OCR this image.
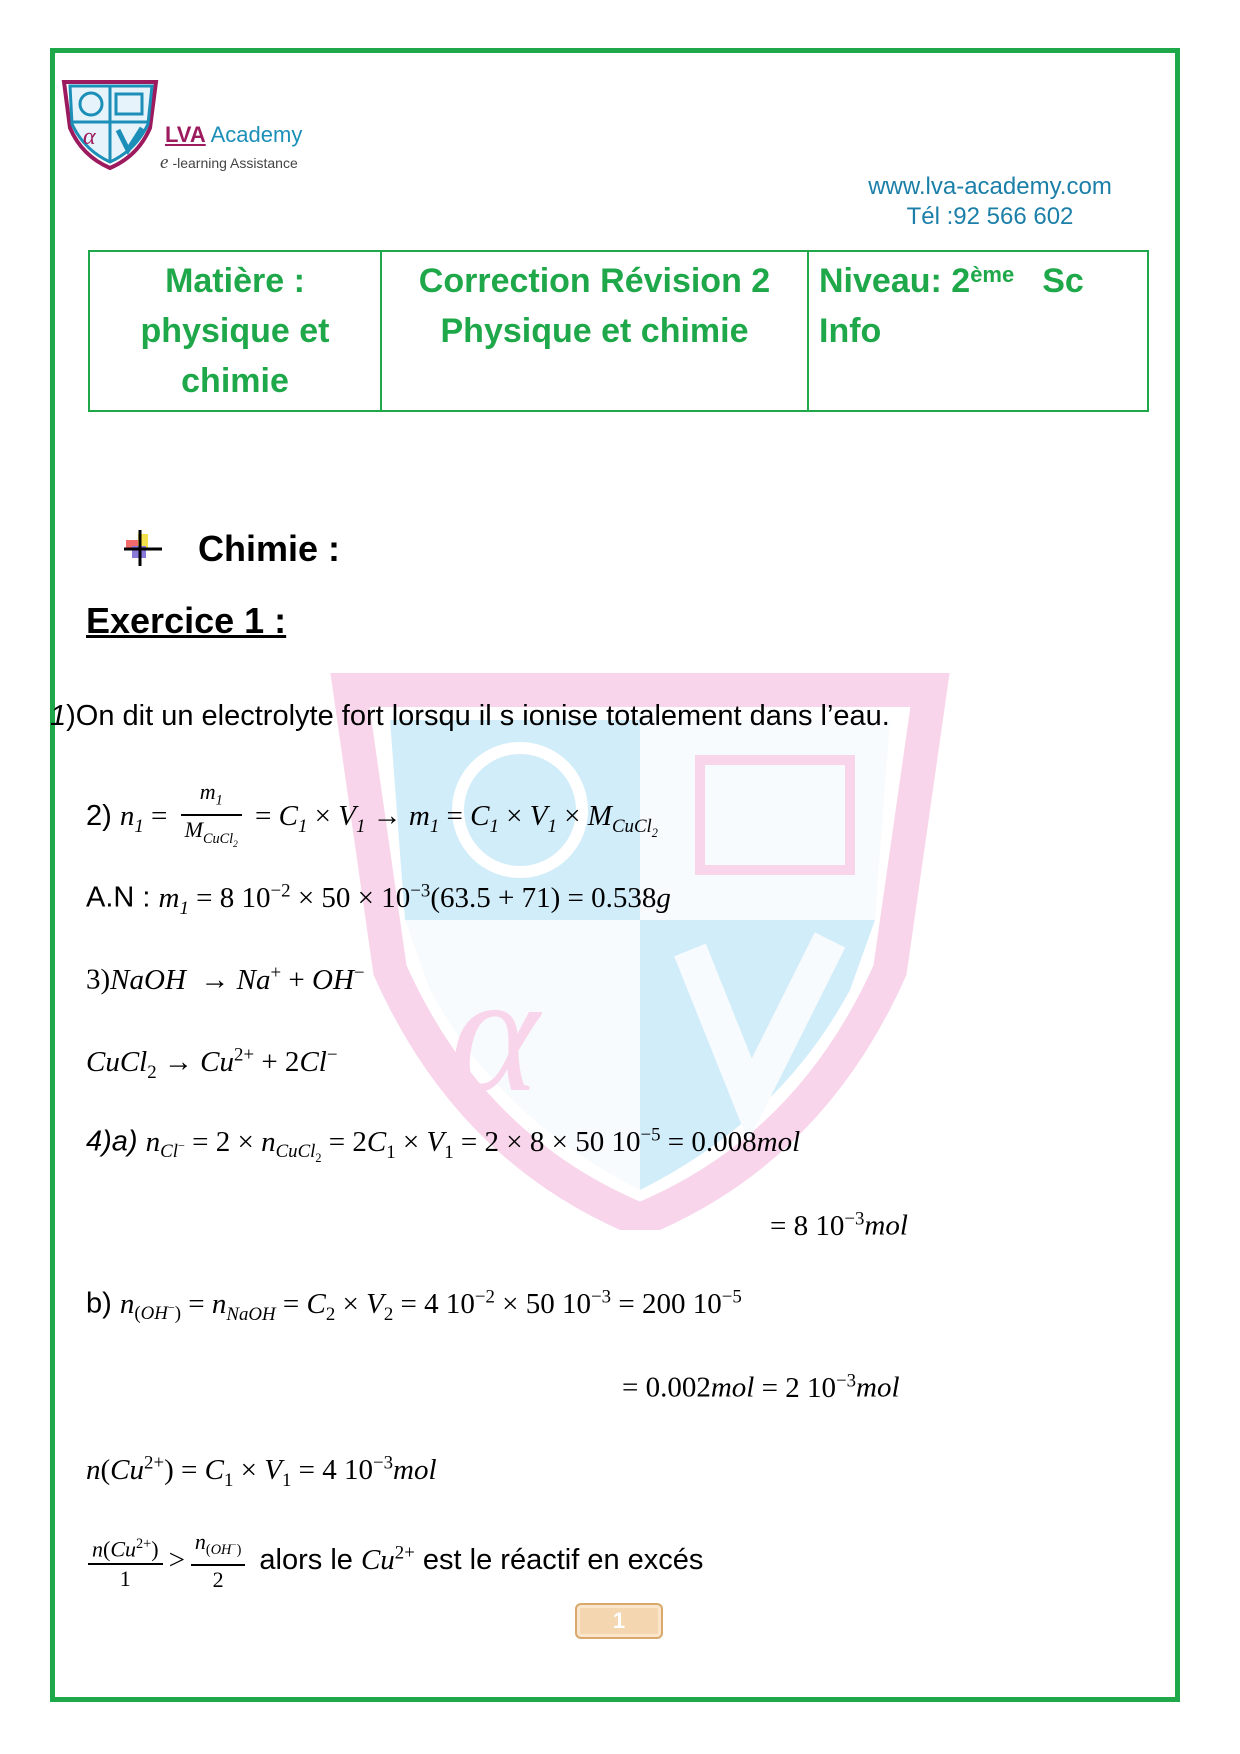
α	LVA Academy
e -learning Assistance
www.lva-academy.com
Tél :92 566 602
Matière :
physique et
chimie

Correction Révision 2
Physique et chimie

Niveau: 2ème Sc
Info
α
Chimie :
Exercice 1 :
1)On dit un electrolyte fort lorsqu il s ionise totalement dans l’eau.
2) $n_1 = \frac{m_1}{M_{CuCl_2}} = C_1 \times V_1 \to m_1 = C_1 \times V_1 \times M_{CuCl_2}$
A.N : $m_1 = 8$ $10^{-2} \times 50 \times 10^{-3}(63.5 + 71) = 0.538g$
3)NaOH  → Na+ + OH−
CuCl$_2$ → $Cu^{2+} + 2Cl^-$
4)a) $n_{Cl^-} = 2 \times n_{CuCl_2} = 2C_1 \times V_1 = 2 \times 8 \times 50$ $10^{-5} = 0.008mol$
= 8 $10^{-3}mol$
b) $n_{(OH^-)} = n_{NaOH} = C_2 \times V_2 = 4$ $10^{-2} \times 50$ $10^{-3} = 200$ $10^{-5}$
= 0.002mol = 2 $10^{-3}mol$
$n(Cu^{2+}) = C_1 \times V_1 = 4$ $10^{-3}mol$
$\frac{n(Cu^{2+})}{1} > \frac{n_{(OH^-)}}{2}$ alors le $Cu^{2+}$ est le réactif en excés
1
